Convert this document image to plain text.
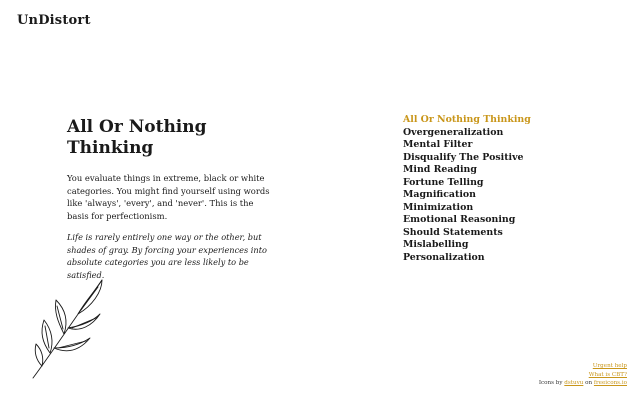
UnDistort
All Or Nothing
Thinking

You evaluate things in extreme, black or white categories. You might find yourself using words like 'always', 'every', and 'never'. This is the basis for perfectionism.

Life is rarely entirely one way or the other, but shades of gray. By forcing your experiences into absolute categories you are less likely to be satisfied.

All Or Nothing Thinking
Overgeneralization
Mental Filter
Disqualify The Positive
Mind Reading
Fortune Telling
Magnification
Minimization
Emotional Reasoning
Should Statements
Mislabelling
Personalization
Urgent help
What is CBT?
Icons by dstuvu on freeicons.io
